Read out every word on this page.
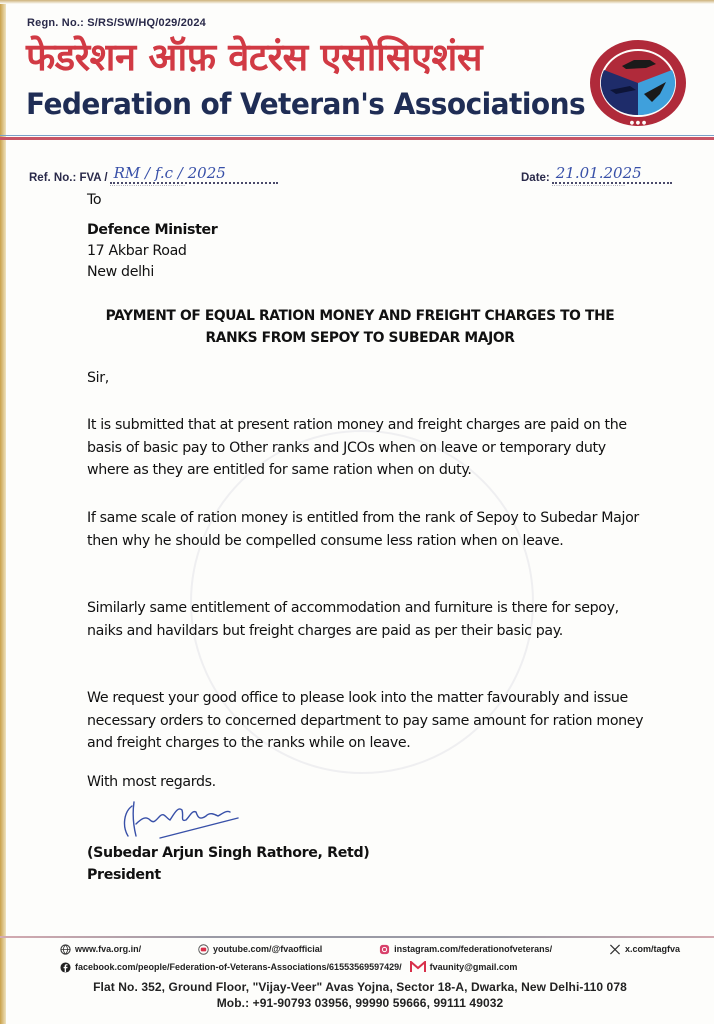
Regn. No.: S/RS/SW/HQ/029/2024
फेडरेशन ऑफ़ वेटरंस एसोसिएशंस
Federation of Veteran's Associations
● ● ●
Ref. No.: FVA / RM / f.c / 2025
...................................
Date: 21.01.2025
..................................
To
Defence Minister
17 Akbar Road
New delhi
PAYMENT OF EQUAL RATION MONEY AND FREIGHT CHARGES TO THE
RANKS FROM SEPOY TO SUBEDAR MAJOR
Sir,

It is submitted that at present ration money and freight charges are paid on the basis of basic pay to Other ranks and JCOs when on leave or temporary duty where as they are entitled for same ration when on duty.

If same scale of ration money is entitled from the rank of Sepoy to Subedar Major then why he should be compelled consume less ration when on leave.

Similarly same entitlement of accommodation and furniture is there for sepoy, naiks and havildars but freight charges are paid as per their basic pay.

We request your good office to please look into the matter favourably and issue necessary orders to concerned department to pay same amount for ration money and freight charges to the ranks while on leave.

With most regards.
(Subedar Arjun Singh Rathore, Retd)
President
www.fva.org.in/	youtube.com/@fvaofficial	instagram.com/federationofveterans/	x.com/tagfva
facebook.com/people/Federation-of-Veterans-Associations/61553569597429/	fvaunity@gmail.com
Flat No. 352, Ground Floor, "Vijay-Veer" Avas Yojna, Sector 18-A, Dwarka, New Delhi-110 078
Mob.: +91-90793 03956, 99990 59666, 99111 49032
